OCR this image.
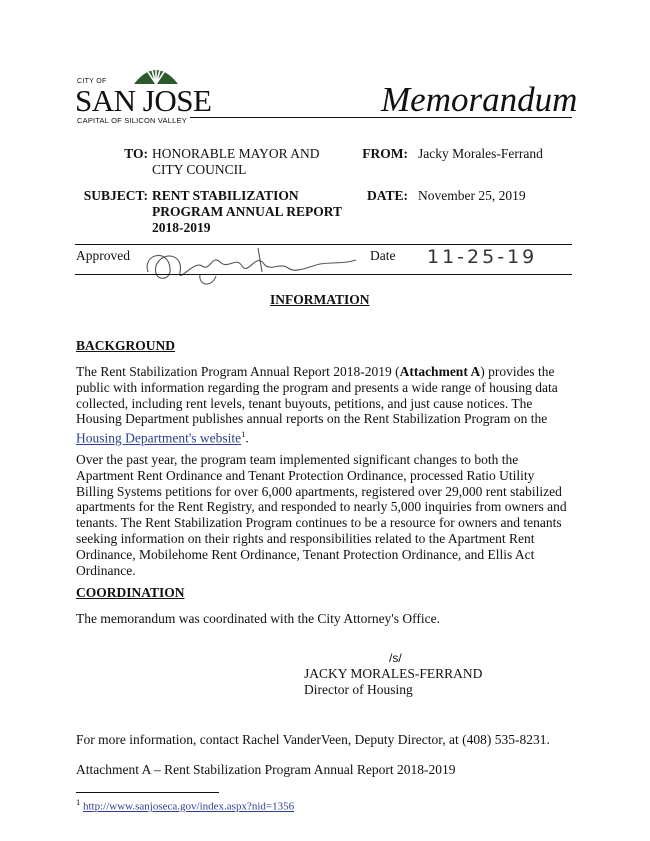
CITY OF
SAN JOSE
CAPITAL OF SILICON VALLEY
Memorandum
TO: HONORABLE MAYOR AND
CITY COUNCIL
FROM: Jacky Morales-Ferrand
SUBJECT: RENT STABILIZATION
PROGRAM ANNUAL REPORT
2018-2019
DATE: November 25, 2019
Approved	Date 11-25-19
INFORMATION
BACKGROUND
The Rent Stabilization Program Annual Report 2018-2019 (Attachment A) provides the public with information regarding the program and presents a wide range of housing data collected, including rent levels, tenant buyouts, petitions, and just cause notices. The Housing Department publishes annual reports on the Rent Stabilization Program on the Housing Department's website$^1$.
Over the past year, the program team implemented significant changes to both the Apartment Rent Ordinance and Tenant Protection Ordinance, processed Ratio Utility Billing Systems petitions for over 6,000 apartments, registered over 29,000 rent stabilized apartments for the Rent Registry, and responded to nearly 5,000 inquiries from owners and tenants. The Rent Stabilization Program continues to be a resource for owners and tenants seeking information on their rights and responsibilities related to the Apartment Rent Ordinance, Mobilehome Rent Ordinance, Tenant Protection Ordinance, and Ellis Act Ordinance.
COORDINATION
The memorandum was coordinated with the City Attorney's Office.
/s/
JACKY MORALES-FERRAND
Director of Housing
For more information, contact Rachel VanderVeen, Deputy Director, at (408) 535-8231.
Attachment A – Rent Stabilization Program Annual Report 2018-2019
$^1$ http://www.sanjoseca.gov/index.aspx?nid=1356
